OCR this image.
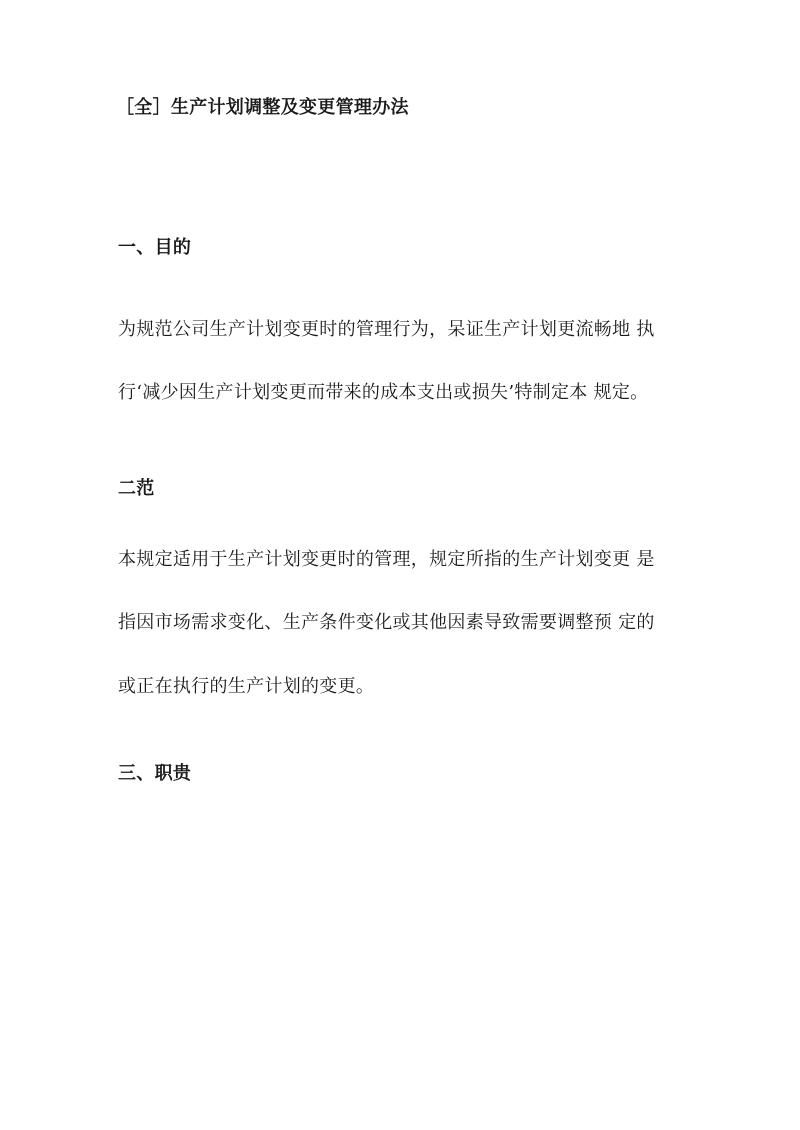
［全］生产计划调整及变更管理办法
一、目的

为规范公司生产计划变更时的管理行为，呆证生产计划更流畅地 执

行‘减少因生产计划变更而带来的成本支出或损失’特制定本 规定。

二范

本规定适用于生产计划变更时的管理，规定所指的生产计划变更 是

指因市场需求变化、生产条件变化或其他因素导致需要调整预 定的

或正在执行的生产计划的变更。

三、职贵
